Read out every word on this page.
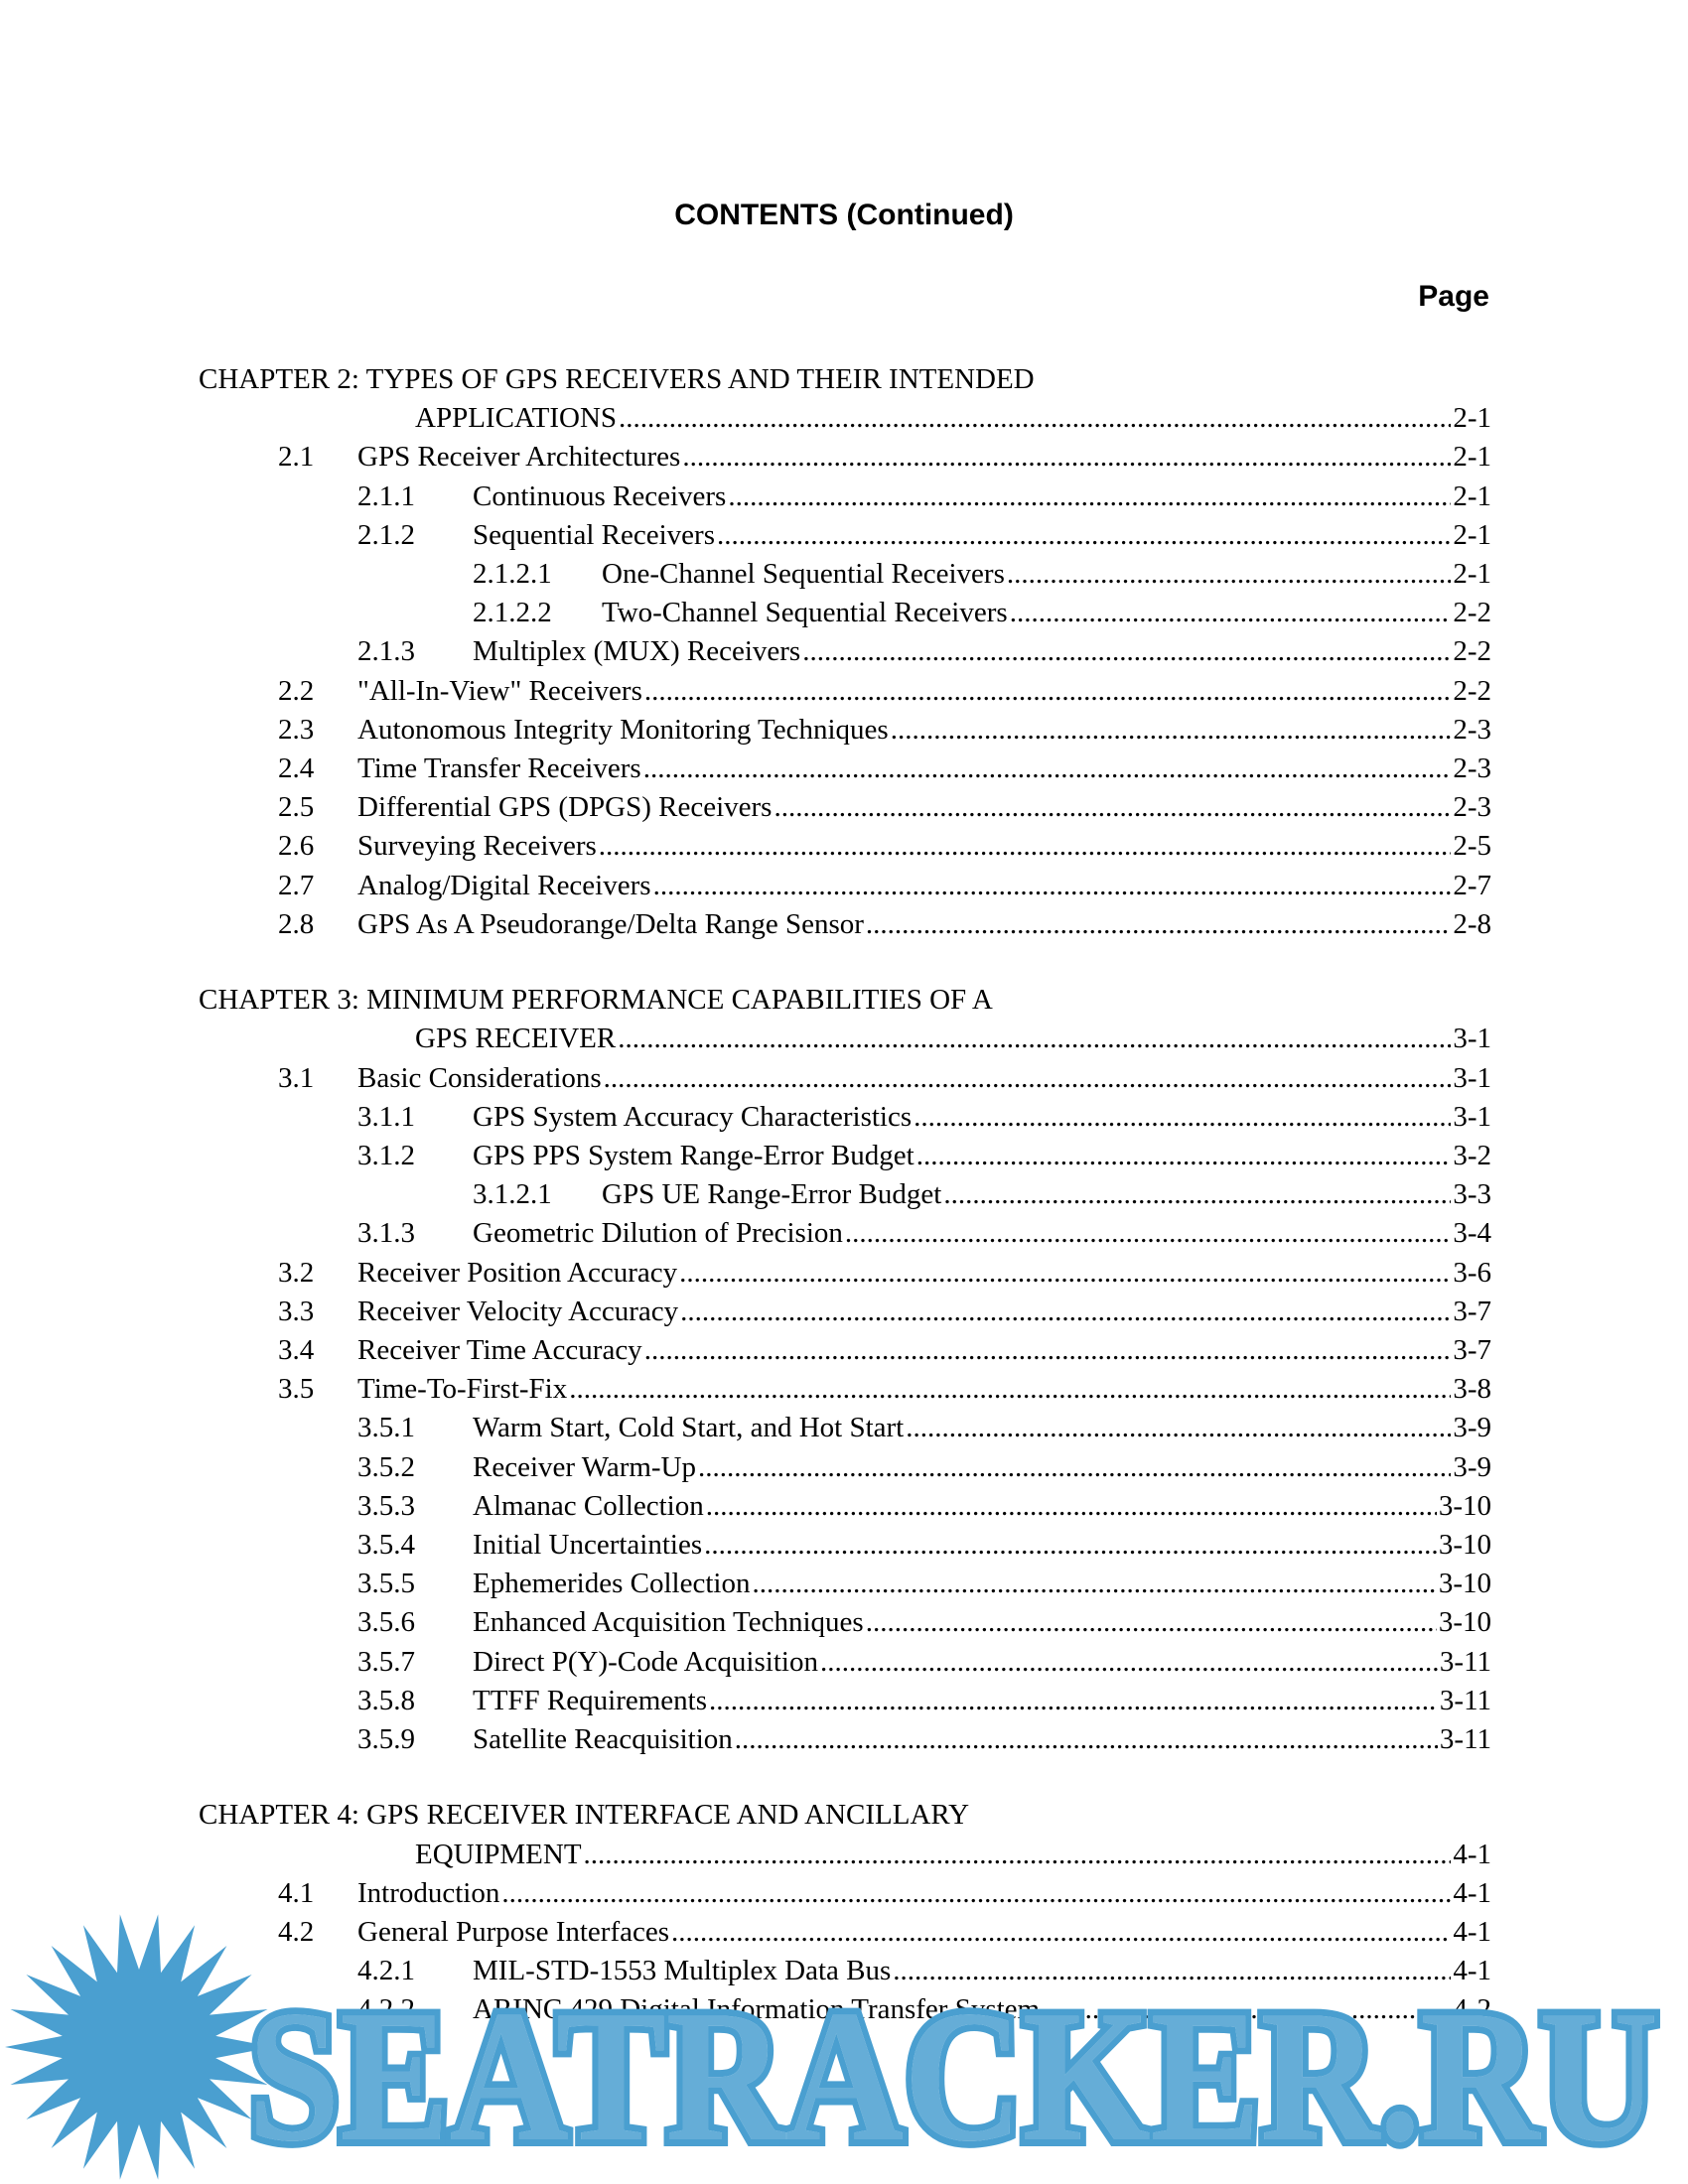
CONTENTS (Continued)
Page
CHAPTER 2: TYPES OF GPS RECEIVERS AND THEIR INTENDED
APPLICATIONS .....	2-1
2.1	GPS Receiver Architectures .....	2-1
2.1.1	Continuous Receivers .....	2-1
2.1.2	Sequential Receivers .....	2-1
2.1.2.1	One-Channel Sequential Receivers .....	2-1
2.1.2.2	Two-Channel Sequential Receivers .....	2-2
2.1.3	Multiplex (MUX) Receivers .....	2-2
2.2	"All-In-View" Receivers .....	2-2
2.3	Autonomous Integrity Monitoring Techniques .....	2-3
2.4	Time Transfer Receivers .....	2-3
2.5	Differential GPS (DPGS) Receivers .....	2-3
2.6	Surveying Receivers .....	2-5
2.7	Analog/Digital Receivers .....	2-7
2.8	GPS As A Pseudorange/Delta Range Sensor .....	2-8
CHAPTER 3: MINIMUM PERFORMANCE CAPABILITIES OF A
GPS RECEIVER .....	3-1
3.1	Basic Considerations .....	3-1
3.1.1	GPS System Accuracy Characteristics .....	3-1
3.1.2	GPS PPS System Range-Error Budget .....	3-2
3.1.2.1	GPS UE Range-Error Budget .....	3-3
3.1.3	Geometric Dilution of Precision .....	3-4
3.2	Receiver Position Accuracy .....	3-6
3.3	Receiver Velocity Accuracy .....	3-7
3.4	Receiver Time Accuracy .....	3-7
3.5	Time-To-First-Fix .....	3-8
3.5.1	Warm Start, Cold Start, and Hot Start .....	3-9
3.5.2	Receiver Warm-Up .....	3-9
3.5.3	Almanac Collection .....	3-10
3.5.4	Initial Uncertainties .....	3-10
3.5.5	Ephemerides Collection .....	3-10
3.5.6	Enhanced Acquisition Techniques .....	3-10
3.5.7	Direct P(Y)-Code Acquisition .....	3-11
3.5.8	TTFF Requirements .....	3-11
3.5.9	Satellite Reacquisition .....	3-11
CHAPTER 4: GPS RECEIVER INTERFACE AND ANCILLARY
EQUIPMENT .....	4-1
4.1	Introduction .....	4-1
4.2	General Purpose Interfaces .....	4-1
4.2.1	MIL-STD-1553 Multiplex Data Bus .....	4-1
4.2.2	ARINC 429 Digital Information Transfer System .....	4-2
iv
SEATRACKER.RU
SEATRACKER.RU
